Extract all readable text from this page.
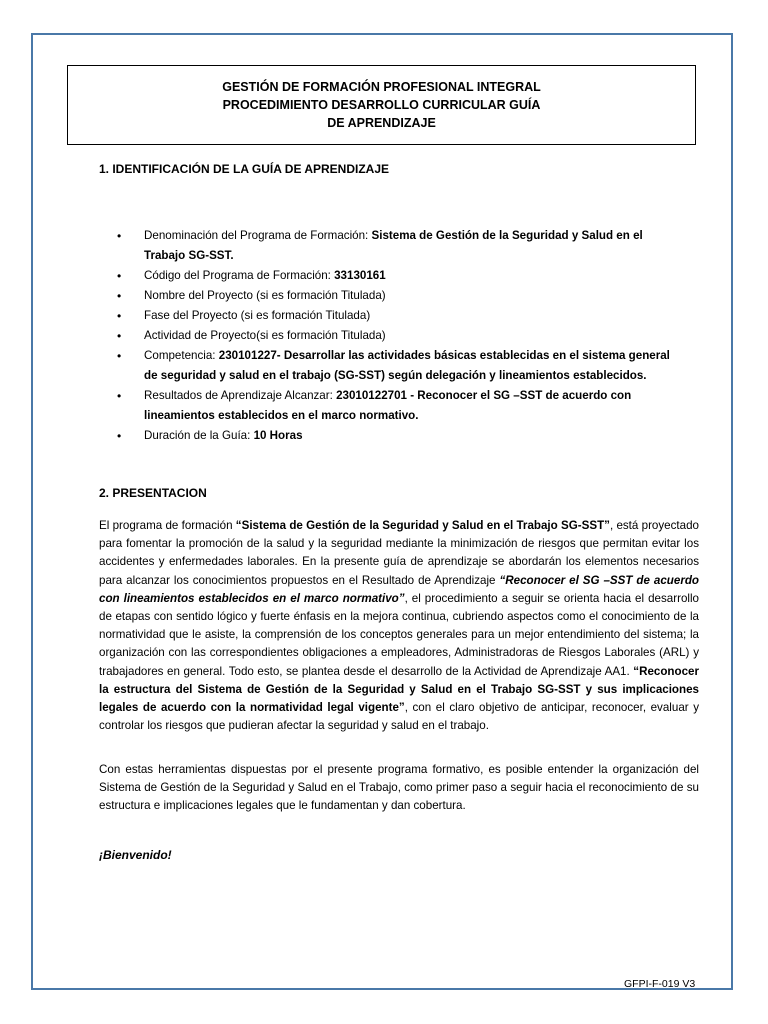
GESTIÓN DE FORMACIÓN PROFESIONAL INTEGRAL
PROCEDIMIENTO DESARROLLO CURRICULAR GUÍA
DE APRENDIZAJE
1. IDENTIFICACIÓN DE LA GUÍA DE APRENDIZAJE
• Denominación del Programa de Formación: Sistema de Gestión de la Seguridad y Salud en el Trabajo SG-SST.
• Código del Programa de Formación: 33130161
• Nombre del Proyecto (si es formación Titulada)
• Fase del Proyecto (si es formación Titulada)
• Actividad de Proyecto(si es formación Titulada)
• Competencia: 230101227- Desarrollar las actividades básicas establecidas en el sistema general de seguridad y salud en el trabajo (SG-SST) según delegación y lineamientos establecidos.
• Resultados de Aprendizaje Alcanzar: 23010122701 - Reconocer el SG –SST de acuerdo con lineamientos establecidos en el marco normativo.
• Duración de la Guía: 10 Horas
2. PRESENTACION
El programa de formación “Sistema de Gestión de la Seguridad y Salud en el Trabajo SG-SST”, está proyectado para fomentar la promoción de la salud y la seguridad mediante la minimización de riesgos que permitan evitar los accidentes y enfermedades laborales. En la presente guía de aprendizaje se abordarán los elementos necesarios para alcanzar los conocimientos propuestos en el Resultado de Aprendizaje “Reconocer el SG –SST de acuerdo con lineamientos establecidos en el marco normativo”, el procedimiento a seguir se orienta hacia el desarrollo de etapas con sentido lógico y fuerte énfasis en la mejora continua, cubriendo aspectos como el conocimiento de la normatividad que le asiste, la comprensión de los conceptos generales para un mejor entendimiento del sistema; la organización con las correspondientes obligaciones a empleadores, Administradoras de Riesgos Laborales (ARL) y trabajadores en general. Todo esto, se plantea desde el desarrollo de la Actividad de Aprendizaje AA1. “Reconocer la estructura del Sistema de Gestión de la Seguridad y Salud en el Trabajo SG-SST y sus implicaciones legales de acuerdo con la normatividad legal vigente”, con el claro objetivo de anticipar, reconocer, evaluar y controlar los riesgos que pudieran afectar la seguridad y salud en el trabajo.
Con estas herramientas dispuestas por el presente programa formativo, es posible entender la organización del Sistema de Gestión de la Seguridad y Salud en el Trabajo, como primer paso a seguir hacia el reconocimiento de su estructura e implicaciones legales que le fundamentan y dan cobertura.
¡Bienvenido!
GFPI-F-019 V3
